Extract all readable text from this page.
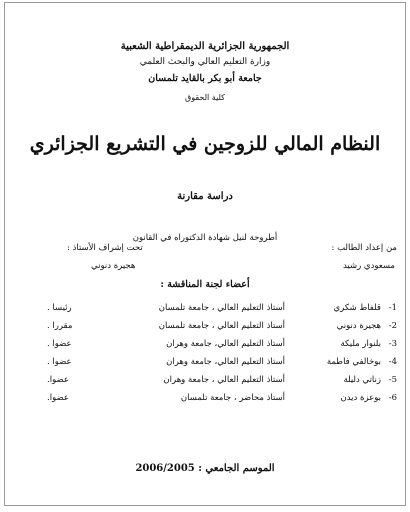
الجمهورية الجزائرية الديمقراطية الشعبية
وزارة التعليم العالي والبحث العلمي
جامعة أبو بكر بالقايد تلمسان
كلية الحقوق
النظام المالي للزوجين في التشريع الجزائري
دراسة مقارنة
أطروحة لنيل شهادة الدكتوراه في القانون
من إعداد الطالب :
مسعودي رشيد
تحت إشراف الأستاذ :
هجيرة دنوني
أعضاء لجنة المناقشة :
1-
قلفاط شكري
أستاذ التعليم العالي ، جامعة تلمسان
رئيسا .
2-
هجيرة دنوني
أستاذ التعليم العالي ، جامعة تلمسان
مقررا .
3-
بلنوار مليكة
أستاذ التعليم العالي، جامعة وهران
عضوا .
4-
بوخالفي فاطمة
أستاذ التعليم العالي، جامعة وهران
عضوا .
5-
زناتي دليلة
أستاذ التعليم العالي ، جامعة وهران
عضوا.
6-
بوعزة ديدن
أستاذ محاضر ، جامعة تلمسان
عضوا.
الموسم الجامعي : 2006/2005
